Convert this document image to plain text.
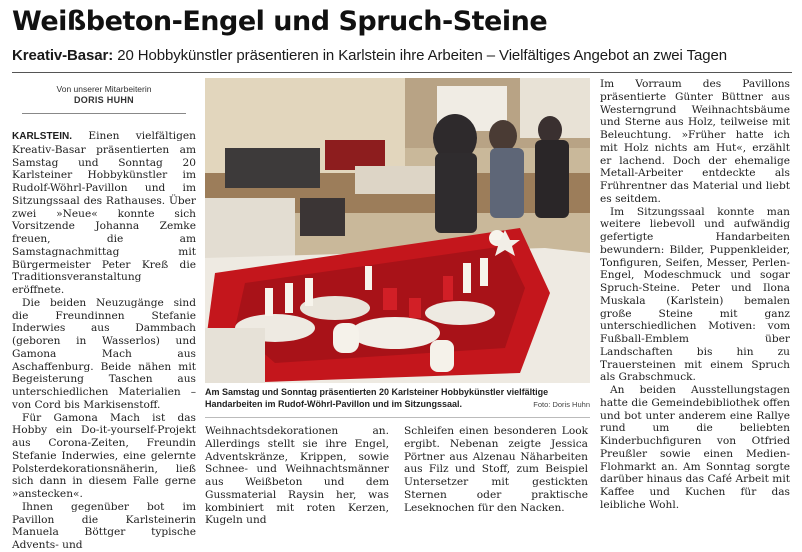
Weißbeton-Engel und Spruch-Steine
Kreativ-Basar: 20 Hobbykünstler präsentieren in Karlstein ihre Arbeiten – Vielfältiges Angebot an zwei Tagen
Von unserer Mitarbeiterin
DORIS HUHN

KARLSTEIN. Einen vielfältigen Kreativ-Basar präsentierten am Samstag und Sonntag 20 Karlsteiner Hobbykünstler im Rudolf-Wöhrl-Pavillon und im Sitzungssaal des Rathauses. Über zwei »Neue« konnte sich Vorsitzende Johanna Zemke freuen, die am Samstagnachmittag mit Bürgermeister Peter Kreß die Traditionsveranstaltung eröffnete.

Die beiden Neuzugänge sind die Freundinnen Stefanie Inderwies aus Dammbach (geboren in Wasserlos) und Gamona Mach aus Aschaffenburg. Beide nähen mit Begeisterung Taschen aus unterschiedlichen Materialien – von Cord bis Markisenstoff.

Für Gamona Mach ist das Hobby ein Do-it-yourself-Projekt aus Corona-Zeiten, Freundin Stefanie Inderwies, eine gelernte Polsterdekorationsnäherin, ließ sich dann in diesem Falle gerne »anstecken«.

Ihnen gegenüber bot im Pavillon die Karlsteinerin Manuela Böttger typische Advents- und

Am Samstag und Sonntag präsentierten 20 Karlsteiner Hobbykünstler vielfältige Handarbeiten im Rudof-Wöhrl-Pavillon und im Sitzungssaal.	Foto: Doris Huhn

Weihnachtsdekorationen an. Allerdings stellt sie ihre Engel, Adventskränze, Krippen, sowie Schnee- und Weihnachtsmänner aus Weißbeton und dem Gussmaterial Raysin her, was kombiniert mit roten Kerzen, Kugeln und

Schleifen einen besonderen Look ergibt. Nebenan zeigte Jessica Pörtner aus Alzenau Näharbeiten aus Filz und Stoff, zum Beispiel Untersetzer mit gestickten Sternen oder praktische Leseknochen für den Nacken.

Im Vorraum des Pavillons präsentierte Günter Büttner aus Westerngrund Weihnachtsbäume und Sterne aus Holz, teilweise mit Beleuchtung. »Früher hatte ich mit Holz nichts am Hut«, erzählt er lachend. Doch der ehemalige Metall-Arbeiter entdeckte als Frührentner das Material und liebt es seitdem.

Im Sitzungssaal konnte man weitere liebevoll und aufwändig gefertigte Handarbeiten bewundern: Bilder, Puppenkleider, Tonfiguren, Seifen, Messer, Perlen-Engel, Modeschmuck und sogar Spruch-Steine. Peter und Ilona Muskala (Karlstein) bemalen große Steine mit ganz unterschiedlichen Motiven: vom Fußball-Emblem über Landschaften bis hin zu Trauersteinen mit einem Spruch als Grabschmuck.

An beiden Ausstellungstagen hatte die Gemeindebibliothek offen und bot unter anderem eine Rallye rund um die beliebten Kinderbuchfiguren von Otfried Preußler sowie einen Medien-Flohmarkt an. Am Sonntag sorgte darüber hinaus das Café Arbeit mit Kaffee und Kuchen für das leibliche Wohl.
